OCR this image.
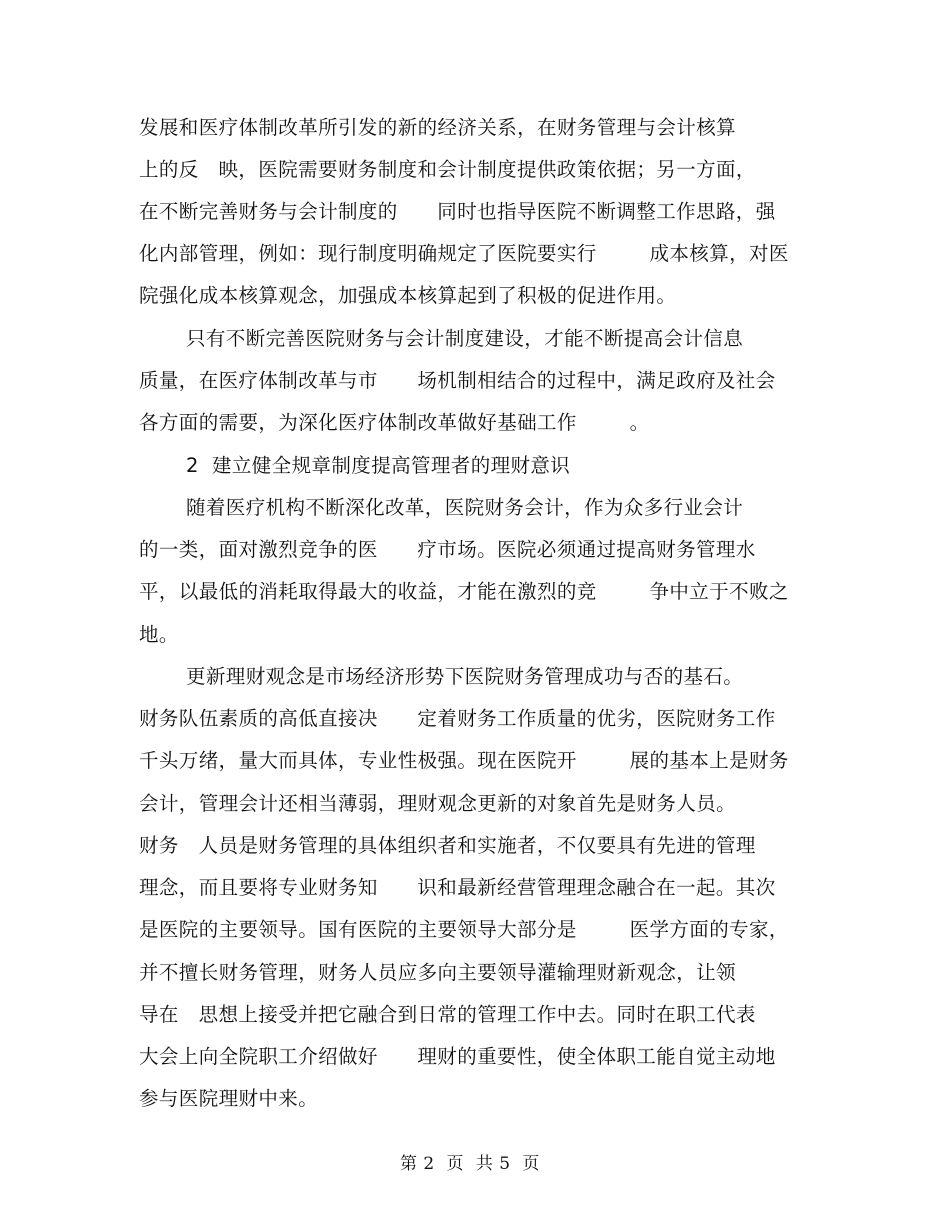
发展和医疗体制改革所引发的新的经济关系，在财务管理与会计核算
上的反   映，医院需要财务制度和会计制度提供政策依据；另一方面，
在不断完善财务与会计制度的      同时也指导医院不断调整工作思路，强
化内部管理，例如：现行制度明确规定了医院要实行        成本核算，对医
院强化成本核算观念，加强成本核算起到了积极的促进作用。
只有不断完善医院财务与会计制度建设，才能不断提高会计信息
质量，在医疗体制改革与市      场机制相结合的过程中，满足政府及社会
各方面的需要，为深化医疗体制改革做好基础工作        。
2  建立健全规章制度提高管理者的理财意识
随着医疗机构不断深化改革，医院财务会计，作为众多行业会计
的一类，面对激烈竞争的医      疗市场。医院必须通过提高财务管理水
平，以最低的消耗取得最大的收益，才能在激烈的竞        争中立于不败之
地。
更新理财观念是市场经济形势下医院财务管理成功与否的基石。
财务队伍素质的高低直接决      定着财务工作质量的优劣，医院财务工作
千头万绪，量大而具体，专业性极强。现在医院开        展的基本上是财务
会计，管理会计还相当薄弱，理财观念更新的对象首先是财务人员。
财务   人员是财务管理的具体组织者和实施者，不仅要具有先进的管理
理念，而且要将专业财务知      识和最新经营管理理念融合在一起。其次
是医院的主要领导。国有医院的主要领导大部分是        医学方面的专家，
并不擅长财务管理，财务人员应多向主要领导灌输理财新观念，让领
导在   思想上接受并把它融合到日常的管理工作中去。同时在职工代表
大会上向全院职工介绍做好      理财的重要性，使全体职工能自觉主动地
参与医院理财中来。
第 2  页  共 5  页
